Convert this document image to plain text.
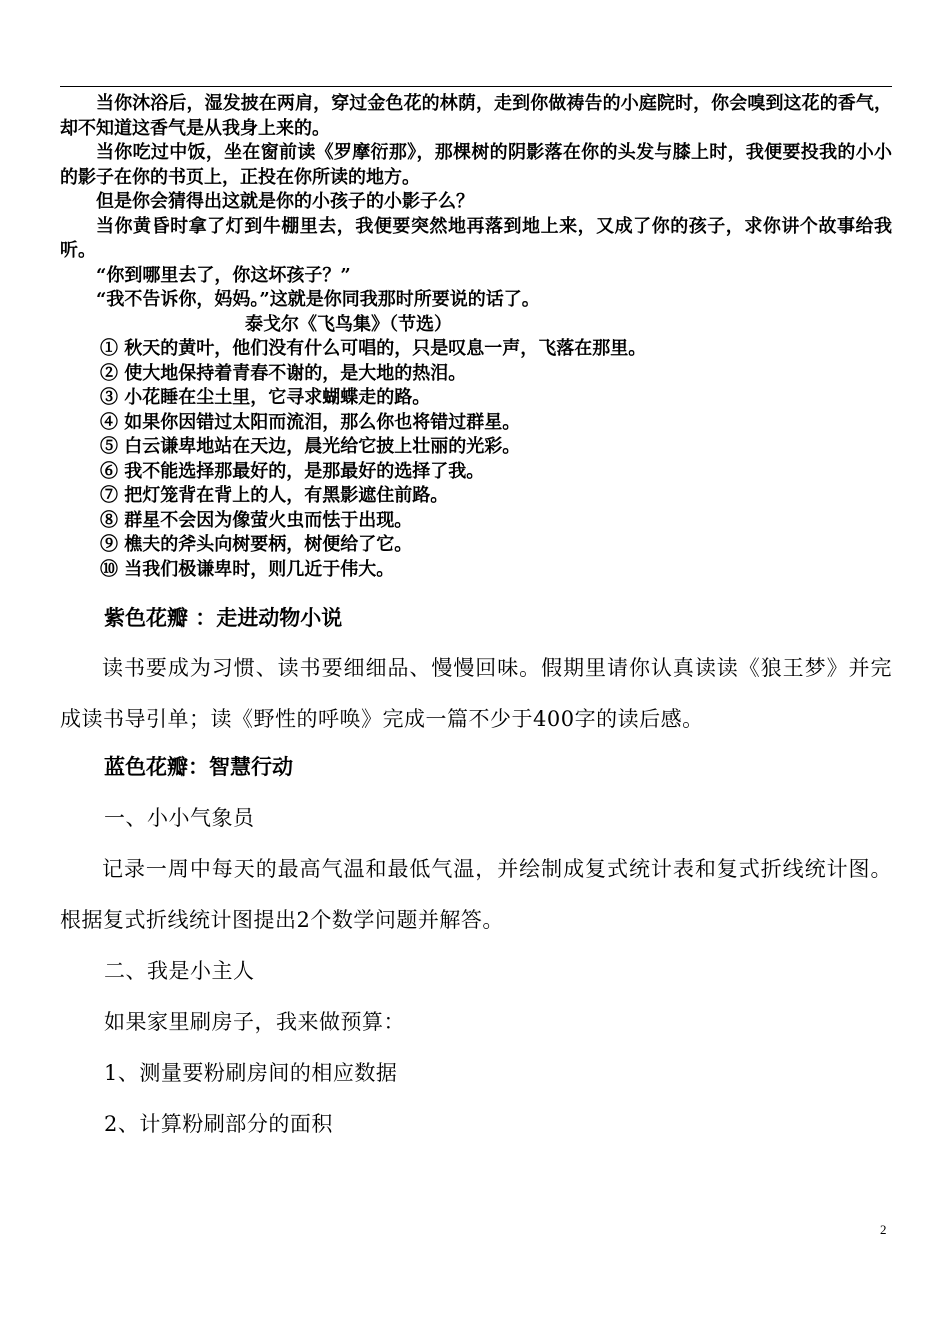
当你沐浴后，湿发披在两肩，穿过金色花的林荫，走到你做祷告的小庭院时，你会嗅到这花的香气，却不知道这香气是从我身上来的。

当你吃过中饭，坐在窗前读《罗摩衍那》，那棵树的阴影落在你的头发与膝上时，我便要投我的小小的影子在你的书页上，正投在你所读的地方。

但是你会猜得出这就是你的小孩子的小影子么？

当你黄昏时拿了灯到牛棚里去，我便要突然地再落到地上来，又成了你的孩子，求你讲个故事给我听。

“你到哪里去了，你这坏孩子？”

“我不告诉你，妈妈。”这就是你同我那时所要说的话了。

泰戈尔《飞鸟集》（节选）

① 秋天的黄叶，他们没有什么可唱的，只是叹息一声，飞落在那里。

② 使大地保持着青春不谢的，是大地的热泪。

③ 小花睡在尘土里，它寻求蝴蝶走的路。

④ 如果你因错过太阳而流泪，那么你也将错过群星。

⑤ 白云谦卑地站在天边，晨光给它披上壮丽的光彩。

⑥ 我不能选择那最好的，是那最好的选择了我。

⑦ 把灯笼背在背上的人，有黑影遮住前路。

⑧ 群星不会因为像萤火虫而怯于出现。

⑨ 樵夫的斧头向树要柄，树便给了它。

⑩ 当我们极谦卑时，则几近于伟大。

紫色花瓣 ：走进动物小说

读书要成为习惯、读书要细细品、慢慢回味。假期里请你认真读读《狼王梦》并完成读书导引单；读《野性的呼唤》完成一篇不少于400字的读后感。

蓝色花瓣：智慧行动

一、小小气象员

记录一周中每天的最高气温和最低气温，并绘制成复式统计表和复式折线统计图。根据复式折线统计图提出2个数学问题并解答。

二、我是小主人

如果家里刷房子，我来做预算：

1、测量要粉刷房间的相应数据

2、计算粉刷部分的面积

2
